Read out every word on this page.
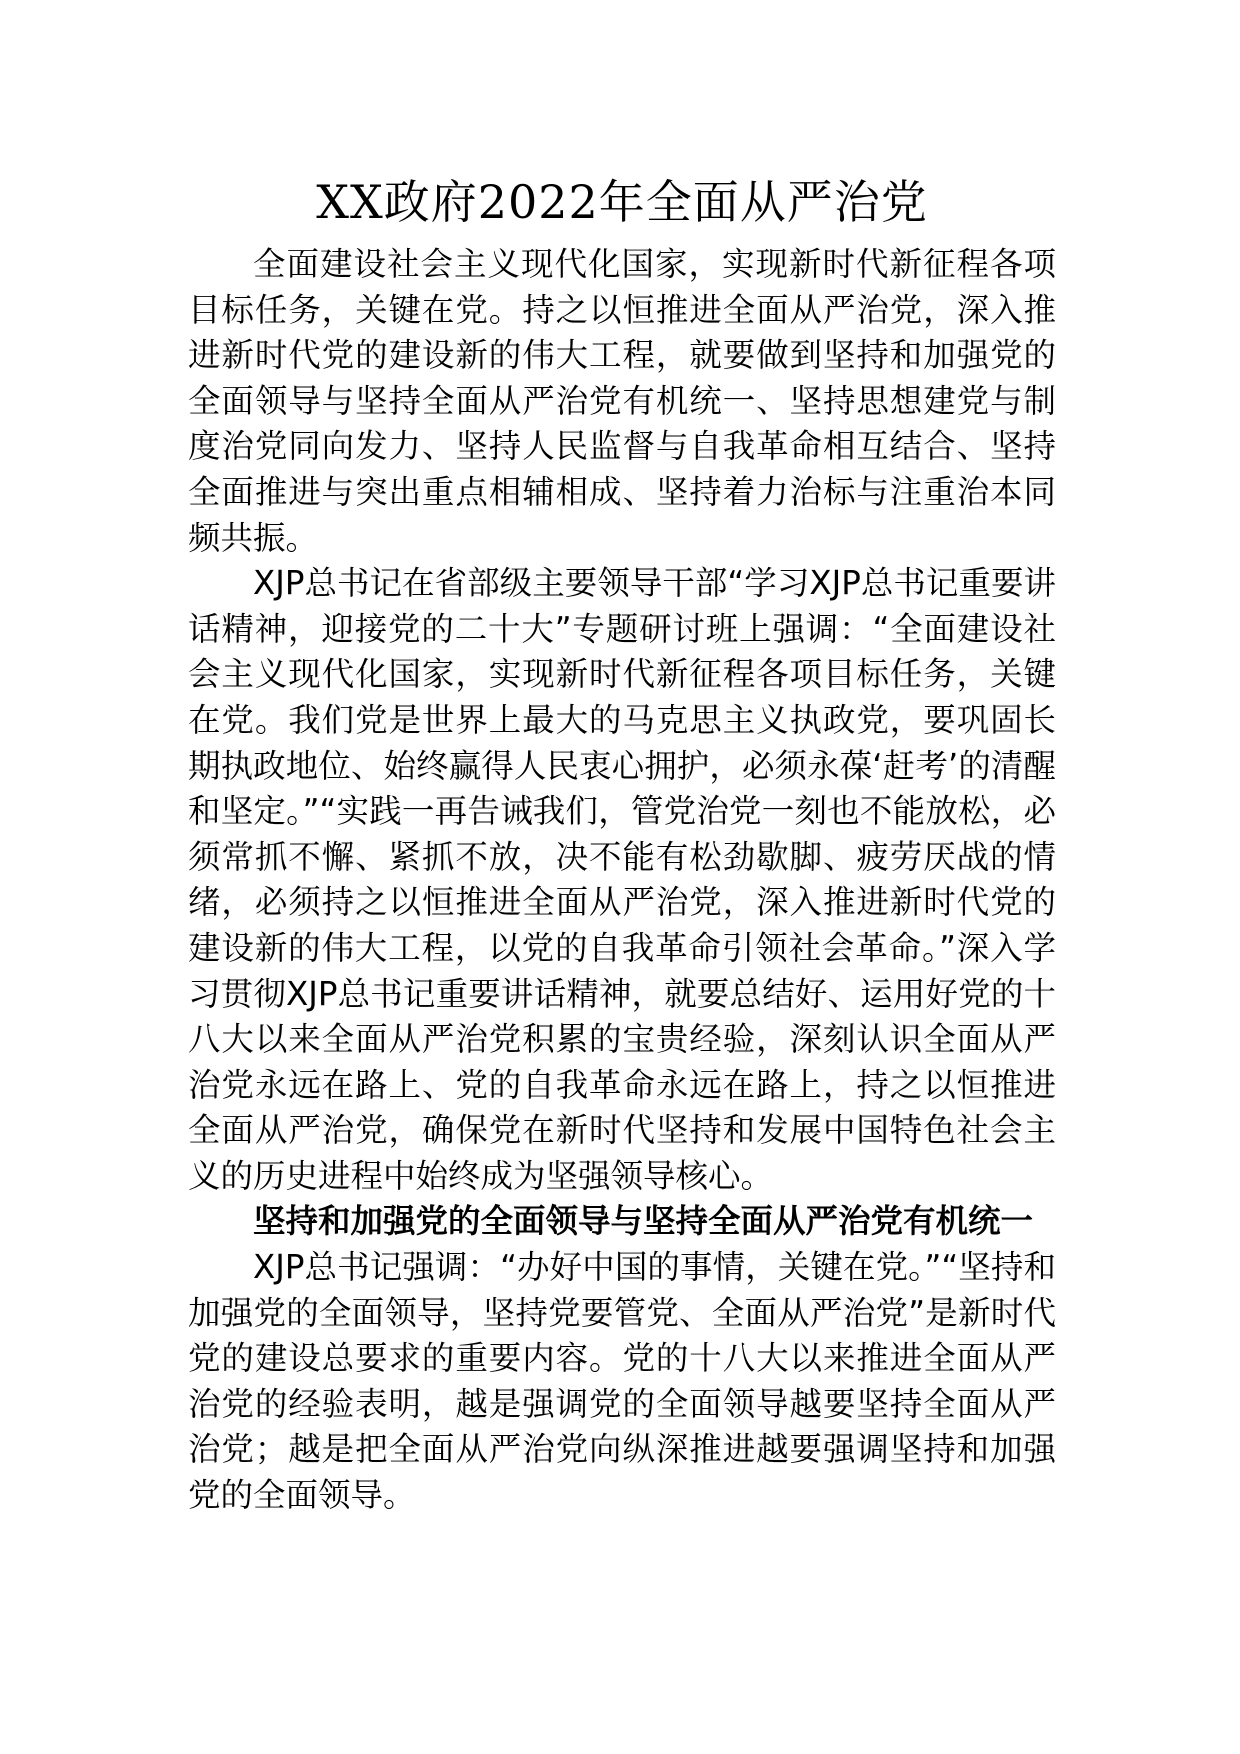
XX政府2022年全面从严治党

全面建设社会主义现代化国家，实现新时代新征程各项目标任务，关键在党。持之以恒推进全面从严治党，深入推进新时代党的建设新的伟大工程，就要做到坚持和加强党的全面领导与坚持全面从严治党有机统一、坚持思想建党与制度治党同向发力、坚持人民监督与自我革命相互结合、坚持全面推进与突出重点相辅相成、坚持着力治标与注重治本同频共振。

XJP总书记在省部级主要领导干部“学习XJP总书记重要讲话精神，迎接党的二十大”专题研讨班上强调：“全面建设社会主义现代化国家，实现新时代新征程各项目标任务，关键在党。我们党是世界上最大的马克思主义执政党，要巩固长期执政地位、始终赢得人民衷心拥护，必须永葆‘赶考’的清醒和坚定。”“实践一再告诫我们，管党治党一刻也不能放松，必须常抓不懈、紧抓不放，决不能有松劲歇脚、疲劳厌战的情绪，必须持之以恒推进全面从严治党，深入推进新时代党的建设新的伟大工程，以党的自我革命引领社会革命。”深入学习贯彻XJP总书记重要讲话精神，就要总结好、运用好党的十八大以来全面从严治党积累的宝贵经验，深刻认识全面从严治党永远在路上、党的自我革命永远在路上，持之以恒推进全面从严治党，确保党在新时代坚持和发展中国特色社会主义的历史进程中始终成为坚强领导核心。

坚持和加强党的全面领导与坚持全面从严治党有机统一

XJP总书记强调：“办好中国的事情，关键在党。”“坚持和加强党的全面领导，坚持党要管党、全面从严治党”是新时代党的建设总要求的重要内容。党的十八大以来推进全面从严治党的经验表明，越是强调党的全面领导越要坚持全面从严治党；越是把全面从严治党向纵深推进越要强调坚持和加强党的全面领导。
